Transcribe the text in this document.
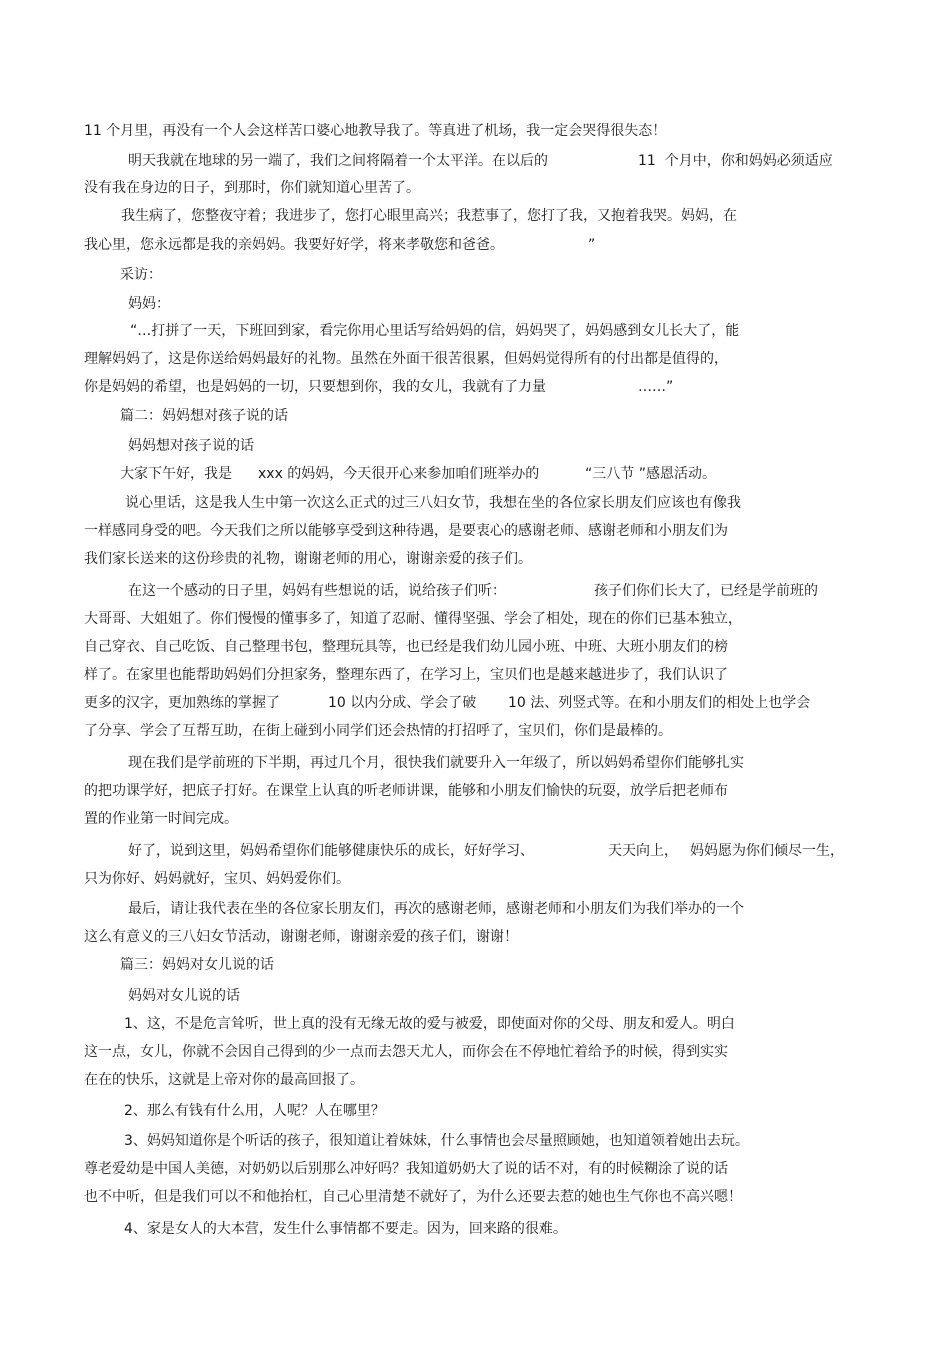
11 个月里，再没有一个人会这样苦口婆心地教导我了。等真进了机场，我一定会哭得很失态！
明天我就在地球的另一端了，我们之间将隔着一个太平洋。在以后的	11  个月中，你和妈妈必须适应
没有我在身边的日子，到那时，你们就知道心里苦了。
我生病了，您整夜守着；我进步了，您打心眼里高兴；我惹事了，您打了我，又抱着我哭。妈妈，在
我心里，您永远都是我的亲妈妈。我要好好学，将来孝敬您和爸爸。	”
采访：
妈妈：
“…打拼了一天，下班回到家，看完你用心里话写给妈妈的信，妈妈哭了，妈妈感到女儿长大了，能
理解妈妈了，这是你送给妈妈最好的礼物。虽然在外面干很苦很累，但妈妈觉得所有的付出都是值得的，
你是妈妈的希望，也是妈妈的一切，只要想到你，我的女儿，我就有了力量	……”
篇二：妈妈想对孩子说的话
妈妈想对孩子说的话
大家下午好，我是 xxx 的妈妈，今天很开心来参加咱们班举办的	“三八节 ”感恩活动。
说心里话，这是我人生中第一次这么正式的过三八妇女节，我想在坐的各位家长朋友们应该也有像我
一样感同身受的吧。今天我们之所以能够享受到这种待遇，是要衷心的感谢老师、感谢老师和小朋友们为
我们家长送来的这份珍贵的礼物，谢谢老师的用心，谢谢亲爱的孩子们。
在这一个感动的日子里，妈妈有些想说的话，说给孩子们听：	孩子们你们长大了，已经是学前班的
大哥哥、大姐姐了。你们慢慢的懂事多了，知道了忍耐、懂得坚强、学会了相处，现在的你们已基本独立，
自己穿衣、自己吃饭、自己整理书包，整理玩具等，也已经是我们幼儿园小班、中班、大班小朋友们的榜
样了。在家里也能帮助妈妈们分担家务，整理东西了，在学习上，宝贝们也是越来越进步了，我们认识了
更多的汉字，更加熟练的掌握了	10 以内分成、学会了破 10 法、列竖式等。在和小朋友们的相处上也学会
了分享、学会了互帮互助，在街上碰到小同学们还会热情的打招呼了，宝贝们，你们是最棒的。
现在我们是学前班的下半期，再过几个月，很快我们就要升入一年级了，所以妈妈希望你们能够扎实
的把功课学好，把底子打好。在课堂上认真的听老师讲课，能够和小朋友们愉快的玩耍，放学后把老师布
置的作业第一时间完成。
好了，说到这里，妈妈希望你们能够健康快乐的成长，好好学习、	天天向上， 妈妈愿为你们倾尽一生，
只为你好、妈妈就好，宝贝、妈妈爱你们。
最后，请让我代表在坐的各位家长朋友们，再次的感谢老师，感谢老师和小朋友们为我们举办的一个
这么有意义的三八妇女节活动，谢谢老师，谢谢亲爱的孩子们，谢谢！
篇三：妈妈对女儿说的话
妈妈对女儿说的话
1、这，不是危言耸听，世上真的没有无缘无故的爱与被爱，即使面对你的父母、朋友和爱人。明白
这一点，女儿，你就不会因自己得到的少一点而去怨天尤人，而你会在不停地忙着给予的时候，得到实实
在在的快乐，这就是上帝对你的最高回报了。
2、那么有钱有什么用，人呢？人在哪里？
3、妈妈知道你是个听话的孩子，很知道让着妹妹，什么事情也会尽量照顾她，也知道领着她出去玩。
尊老爱幼是中国人美德，对奶奶以后别那么冲好吗？我知道奶奶大了说的话不对，有的时候糊涂了说的话
也不中听，但是我们可以不和他抬杠，自己心里清楚不就好了，为什么还要去惹的她也生气你也不高兴嗯！
4、家是女人的大本营，发生什么事情都不要走。因为，回来路的很难。
